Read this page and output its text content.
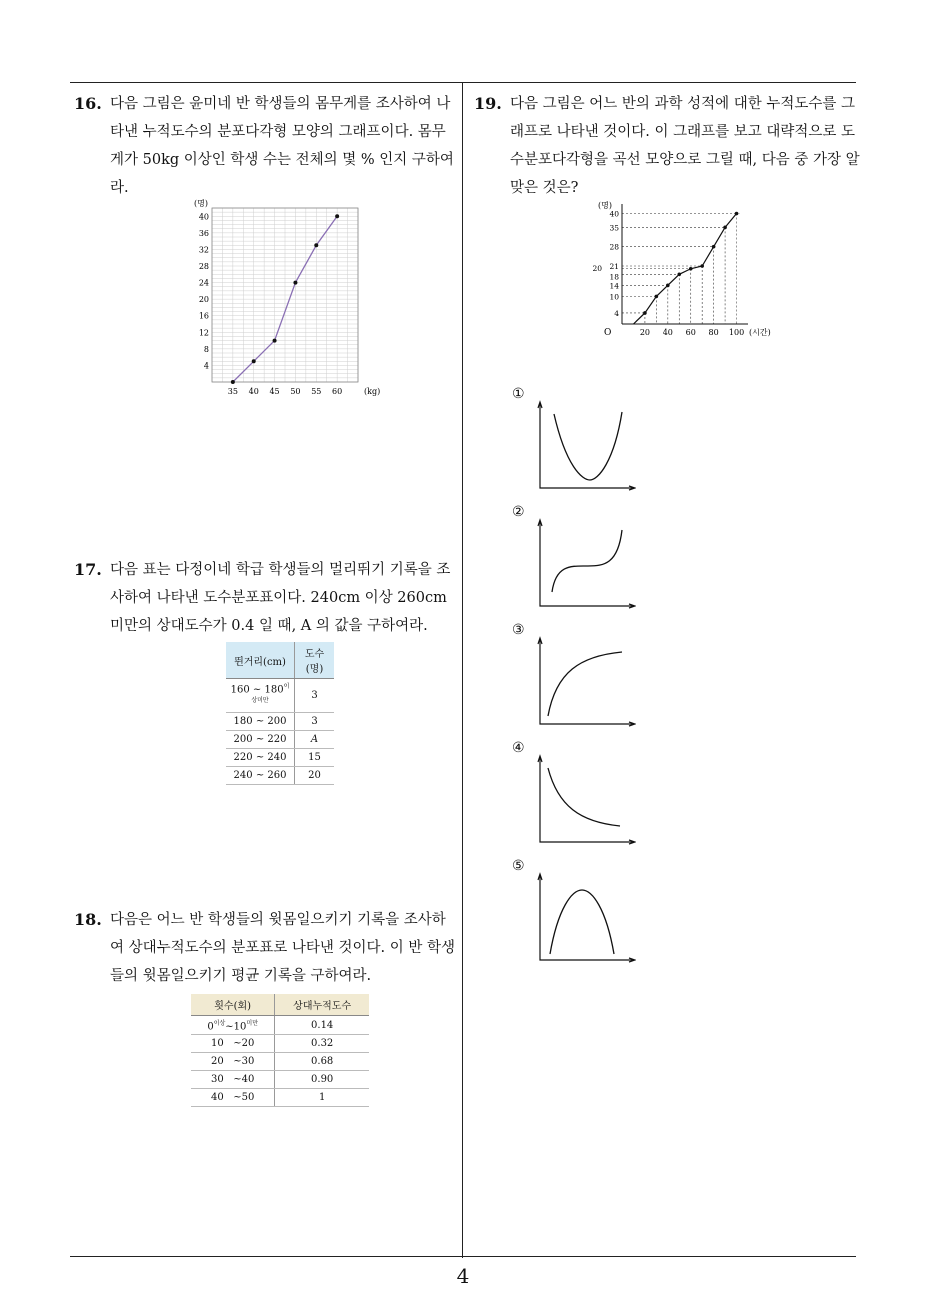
16. 다음 그림은 윤미네 반 학생들의 몸무게를 조사하여 나타낸 누적도수의 분포다각형 모양의 그래프이다. 몸무게가 50kg 이상인 학생 수는 전체의 몇 % 인지 구하여라.
4
8
12
16
20
24
28
32
36
40
35 40 45 50 55 60
(명)
(kg)
17. 다음 표는 다정이네 학급 학생들의 멀리뛰기 기록을 조사하여 나타낸 도수분포표이다. 240cm 이상 260cm 미만의 상대도수가 0.4 일 때, A 의 값을 구하여라.
뛴거리(cm)	도수(명)
160 ~ $180^{이상미만}$	3
180 ~ 200	3
200 ~ 220	A
220 ~ 240	15
240 ~ 260	20
18. 다음은 어느 반 학생들의 윗몸일으키기 기록을 조사하여 상대누적도수의 분포표로 나타낸 것이다. 이 반 학생들의 윗몸일으키기 평균 기록을 구하여라.
횟수(회)	상대누적도수
$0^{이상}\sim 10^{미만}$	0.14
10 ~20	0.32
20 ~30	0.68
30 ~40	0.90
40 ~50	1
19. 다음 그림은 어느 반의 과학 성적에 대한 누적도수를 그래프로 나타낸 것이다. 이 그래프를 보고 대략적으로 도수분포다각형을 곡선 모양으로 그릴 때, 다음 중 가장 알맞은 것은?
4
10
14
18
20 21
28
35
40
20 40 60 80 100
O
(명)
(시간)
①
②
③
④
⑤
4
